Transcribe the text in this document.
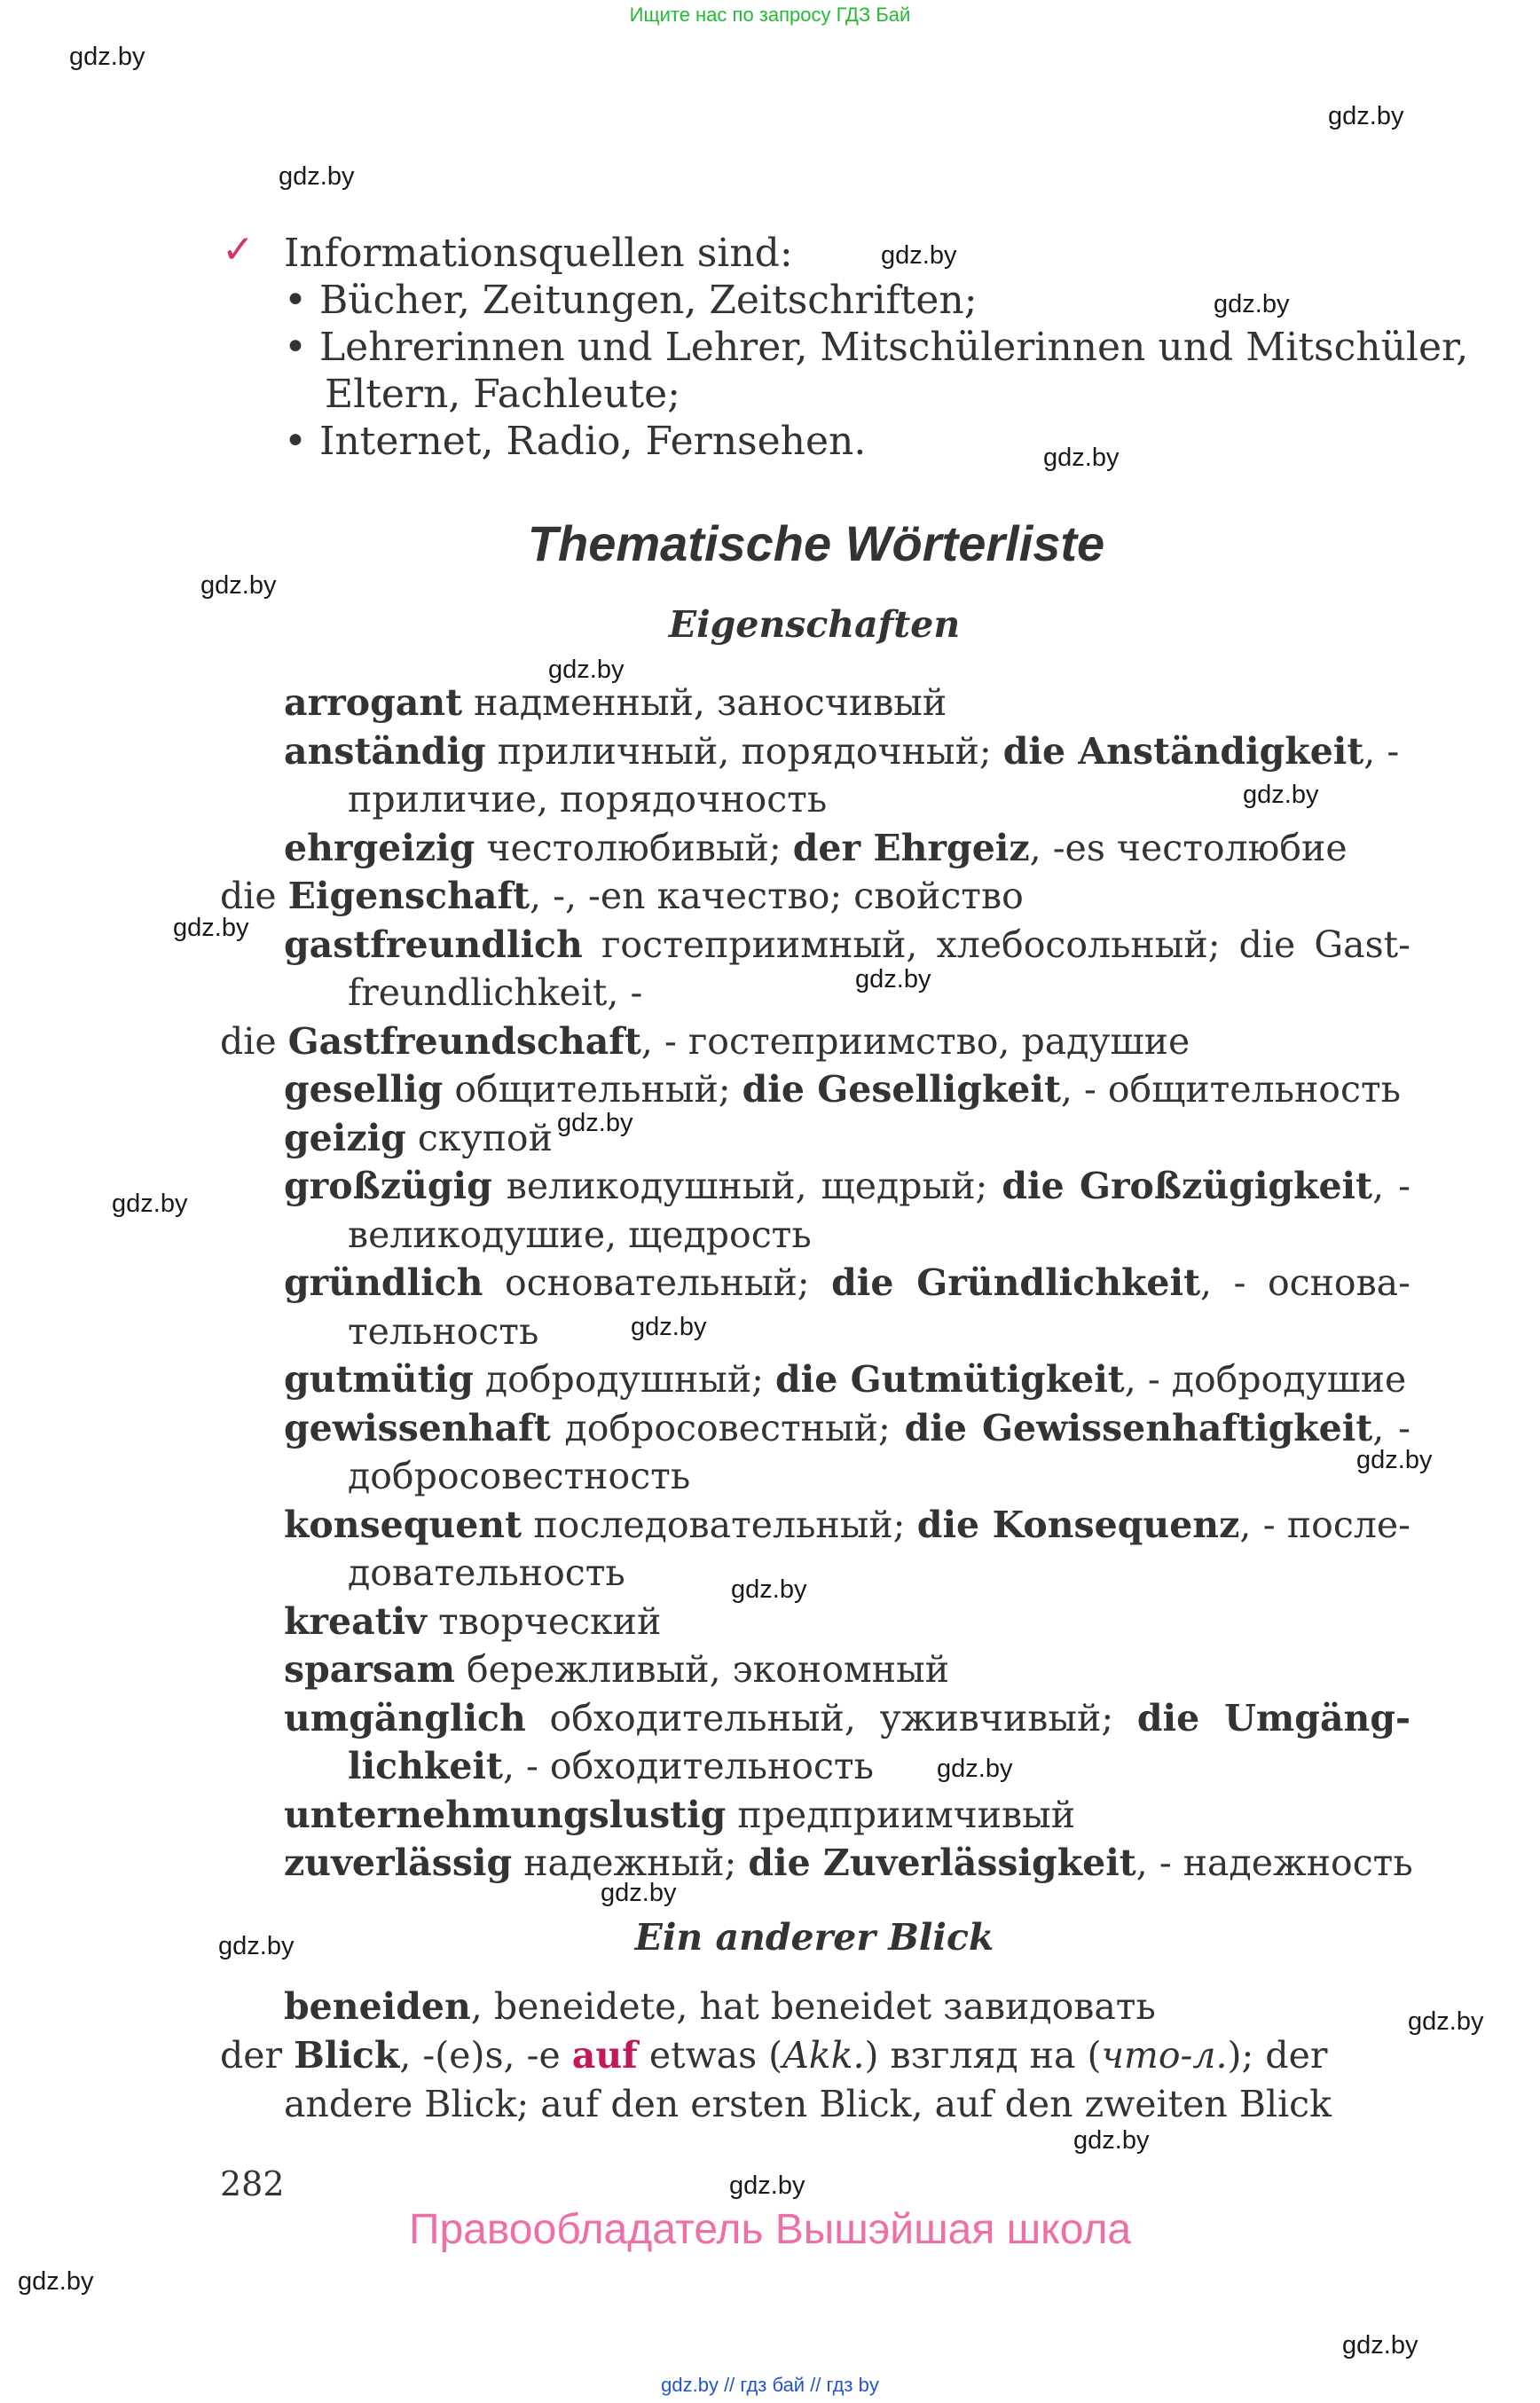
Ищите нас по запросу ГДЗ Бай
gdz.by
gdz.by
gdz.by
gdz.by
gdz.by
gdz.by
gdz.by
gdz.by
gdz.by
gdz.by
gdz.by
gdz.by
gdz.by
gdz.by
gdz.by
gdz.by
gdz.by
gdz.by
gdz.by
gdz.by
gdz.by
gdz.by
gdz.by
gdz.by
✓ Informationsquellen sind:
• Bücher, Zeitungen, Zeitschriften;
• Lehrerinnen und Lehrer, Mitschülerinnen und Mitschüler,
Eltern, Fachleute;
• Internet, Radio, Fernsehen.
Thematische Wörterliste
Eigenschaften
arrogant надменный, заносчивый
anständig приличный, порядочный; die Anständigkeit, -
приличие, порядочность
ehrgeizig честолюбивый; der Ehrgeiz, -es честолюбие
die Eigenschaft, -, -en качество; свойство
gastfreundlich гостеприимный, хлебосольный; die Gast-
freundlichkeit, -
die Gastfreundschaft, - гостеприимство, радушие
gesellig общительный; die Geselligkeit, - общительность
geizig скупой
großzügig великодушный, щедрый; die Großzügigkeit, -
великодушие, щедрость
gründlich основательный; die Gründlichkeit, - основа-
тельность
gutmütig добродушный; die Gutmütigkeit, - добродушие
gewissenhaft добросовестный; die Gewissenhaftigkeit, -
добросовестность
konsequent последовательный; die Konsequenz, - после-
довательность
kreativ творческий
sparsam бережливый, экономный
umgänglich обходительный, уживчивый; die Umgäng-
lichkeit, - обходительность
unternehmungslustig предприимчивый
zuverlässig надежный; die Zuverlässigkeit, - надежность
Ein anderer Blick
beneiden, beneidete, hat beneidet завидовать
der Blick, -(e)s, -e auf etwas (Akk.) взгляд на (что-л.); der
andere Blick; auf den ersten Blick, auf den zweiten Blick
282
Правообладатель Вышэйшая школа
gdz.by // гдз бай // гдз by
